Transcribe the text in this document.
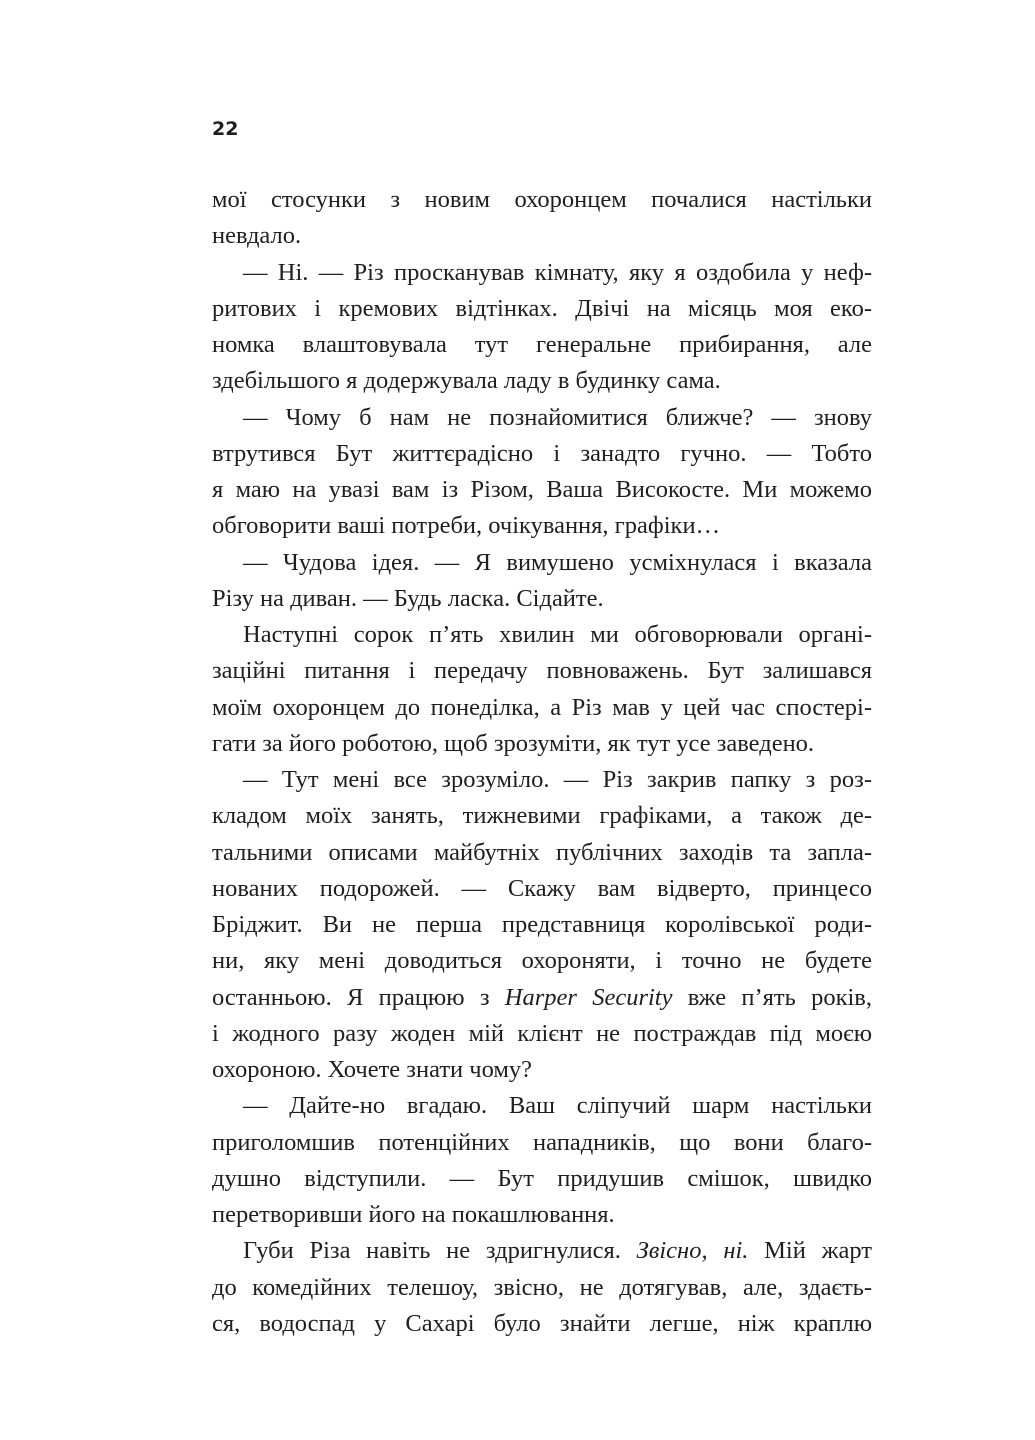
22
мої стосунки з новим охоронцем почалися настільки
невдало.
— Ні. — Різ просканував кімнату, яку я оздобила у неф-
ритових і кремових відтінках. Двічі на місяць моя еко-
номка влаштовувала тут генеральне прибирання, але
здебільшого я додержувала ладу в будинку сама.
— Чому б нам не познайомитися ближче? — знову
втрутився Бут життєрадісно і занадто гучно. — Тобто
я маю на увазі вам із Різом, Ваша Високосте. Ми можемо
обговорити ваші потреби, очікування, графіки…
— Чудова ідея. — Я вимушено усміхнулася і вказала
Різу на диван. — Будь ласка. Сідайте.
Наступні сорок п’ять хвилин ми обговорювали органі-
заційні питання і передачу повноважень. Бут залишався
моїм охоронцем до понеділка, а Різ мав у цей час спостері-
гати за його роботою, щоб зрозуміти, як тут усе заведено.
— Тут мені все зрозуміло. — Різ закрив папку з роз-
кладом моїх занять, тижневими графіками, а також де-
тальними описами майбутніх публічних заходів та запла-
нованих подорожей. — Скажу вам відверто, принцесо
Бріджит. Ви не перша представниця королівської роди-
ни, яку мені доводиться охороняти, і точно не будете
останньою. Я працюю з Harper Security вже п’ять років,
і жодного разу жоден мій клієнт не постраждав під моєю
охороною. Хочете знати чому?
— Дайте-но вгадаю. Ваш сліпучий шарм настільки
приголомшив потенційних нападників, що вони благо-
душно відступили. — Бут придушив смішок, швидко
перетворивши його на покашлювання.
Губи Різа навіть не здригнулися. Звісно, ні. Мій жарт
до комедійних телешоу, звісно, не дотягував, але, здаєть-
ся, водоспад у Сахарі було знайти легше, ніж краплю
